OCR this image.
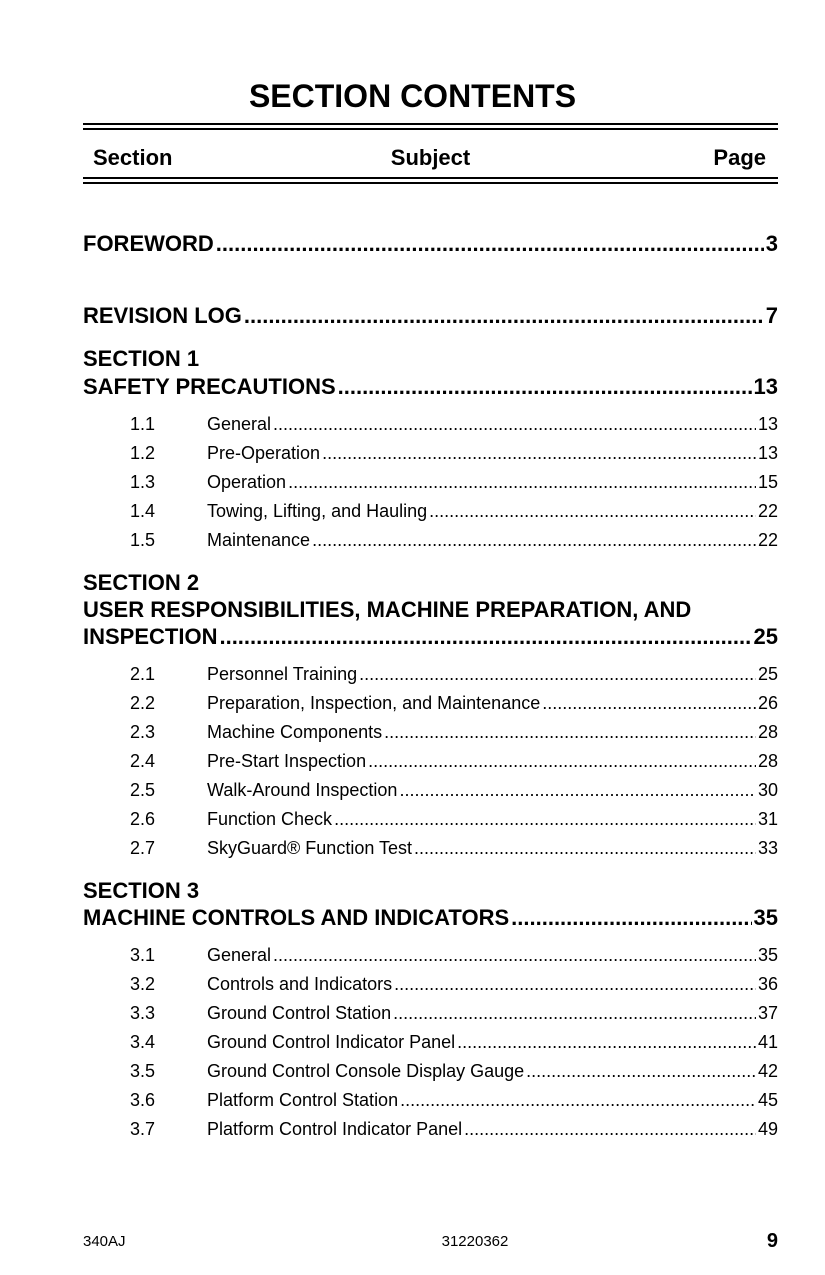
SECTION CONTENTS
Section	Subject	Page
FOREWORD .....	3
REVISION LOG .....	7
SECTION 1
SAFETY PRECAUTIONS .....	13
1.1	General .....	13
1.2	Pre-Operation .....	13
1.3	Operation .....	15
1.4	Towing, Lifting, and Hauling .....	22
1.5	Maintenance .....	22
SECTION 2
USER RESPONSIBILITIES, MACHINE PREPARATION, AND
INSPECTION .....	25
2.1	Personnel Training .....	25
2.2	Preparation, Inspection, and Maintenance .....	26
2.3	Machine Components .....	28
2.4	Pre-Start Inspection .....	28
2.5	Walk-Around Inspection .....	30
2.6	Function Check .....	31
2.7	SkyGuard® Function Test .....	33
SECTION 3
MACHINE CONTROLS AND INDICATORS .....	35
3.1	General .....	35
3.2	Controls and Indicators .....	36
3.3	Ground Control Station .....	37
3.4	Ground Control Indicator Panel .....	41
3.5	Ground Control Console Display Gauge .....	42
3.6	Platform Control Station .....	45
3.7	Platform Control Indicator Panel .....	49
340AJ	31220362	9
